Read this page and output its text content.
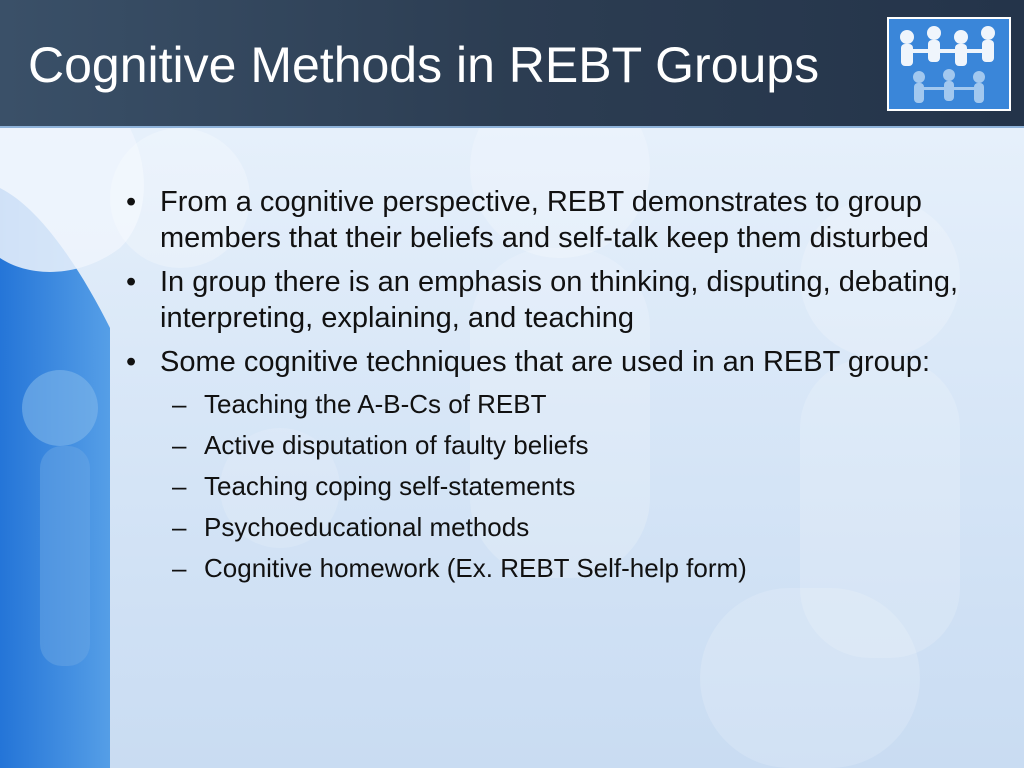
Cognitive Methods in REBT Groups
• From a cognitive perspective, REBT demonstrates to group members that their beliefs and self-talk keep them disturbed
• In group there is an emphasis on thinking, disputing, debating, interpreting, explaining, and teaching
• Some cognitive techniques that are used in an REBT group:
– Teaching the A-B-Cs of REBT
– Active disputation of faulty beliefs
– Teaching coping self-statements
– Psychoeducational methods
– Cognitive homework (Ex. REBT Self-help form)
